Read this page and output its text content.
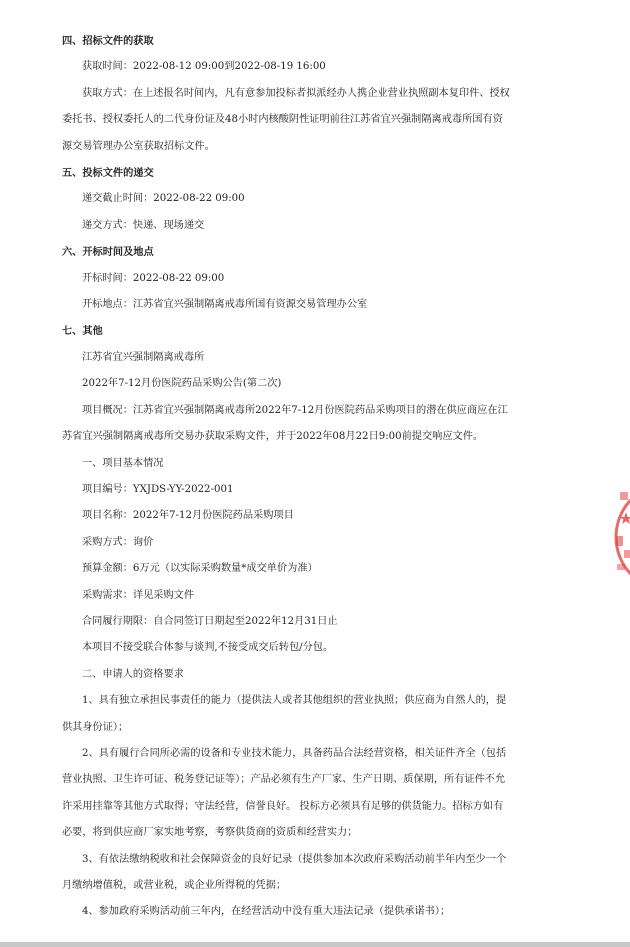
四、招标文件的获取

获取时间：2022-08-12 09:00到2022-08-19 16:00

获取方式：在上述报名时间内，凡有意参加投标者拟派经办人携企业营业执照副本复印件、授权委托书、授权委托人的二代身份证及48小时内核酸阴性证明前往江苏省宜兴强制隔离戒毒所国有资源交易管理办公室获取招标文件。

五、投标文件的递交

递交截止时间：2022-08-22 09:00

递交方式：快递、现场递交

六、开标时间及地点

开标时间：2022-08-22 09:00

开标地点：江苏省宜兴强制隔离戒毒所国有资源交易管理办公室

七、其他

江苏省宜兴强制隔离戒毒所

2022年7-12月份医院药品采购公告(第二次)

项目概况：江苏省宜兴强制隔离戒毒所2022年7-12月份医院药品采购项目的潜在供应商应在江苏省宜兴强制隔离戒毒所交易办获取采购文件，并于2022年08月22日9:00前提交响应文件。

一、项目基本情况

项目编号：YXJDS-YY-2022-001

项目名称：2022年7-12月份医院药品采购项目

采购方式：询价

预算金额：6万元（以实际采购数量*成交单价为准）

采购需求：详见采购文件

合同履行期限：自合同签订日期起至2022年12月31日止

本项目不接受联合体参与谈判,不接受成交后转包/分包。

二、申请人的资格要求

1、具有独立承担民事责任的能力（提供法人或者其他组织的营业执照；供应商为自然人的，提供其身份证）；

2、具有履行合同所必需的设备和专业技术能力，具备药品合法经营资格，相关证件齐全（包括营业执照、卫生许可证、税务登记证等）；产品必须有生产厂家、生产日期、质保期，所有证件不允许采用挂靠等其他方式取得；守法经营，信誉良好。 投标方必须具有足够的供货能力。招标方如有必要，将到供应商厂家实地考察，考察供货商的资质和经营实力；

3、有依法缴纳税收和社会保障资金的良好记录（提供参加本次政府采购活动前半年内至少一个月缴纳增值税，或营业税，或企业所得税的凭据；

4、参加政府采购活动前三年内，在经营活动中没有重大违法记录（提供承诺书）；
